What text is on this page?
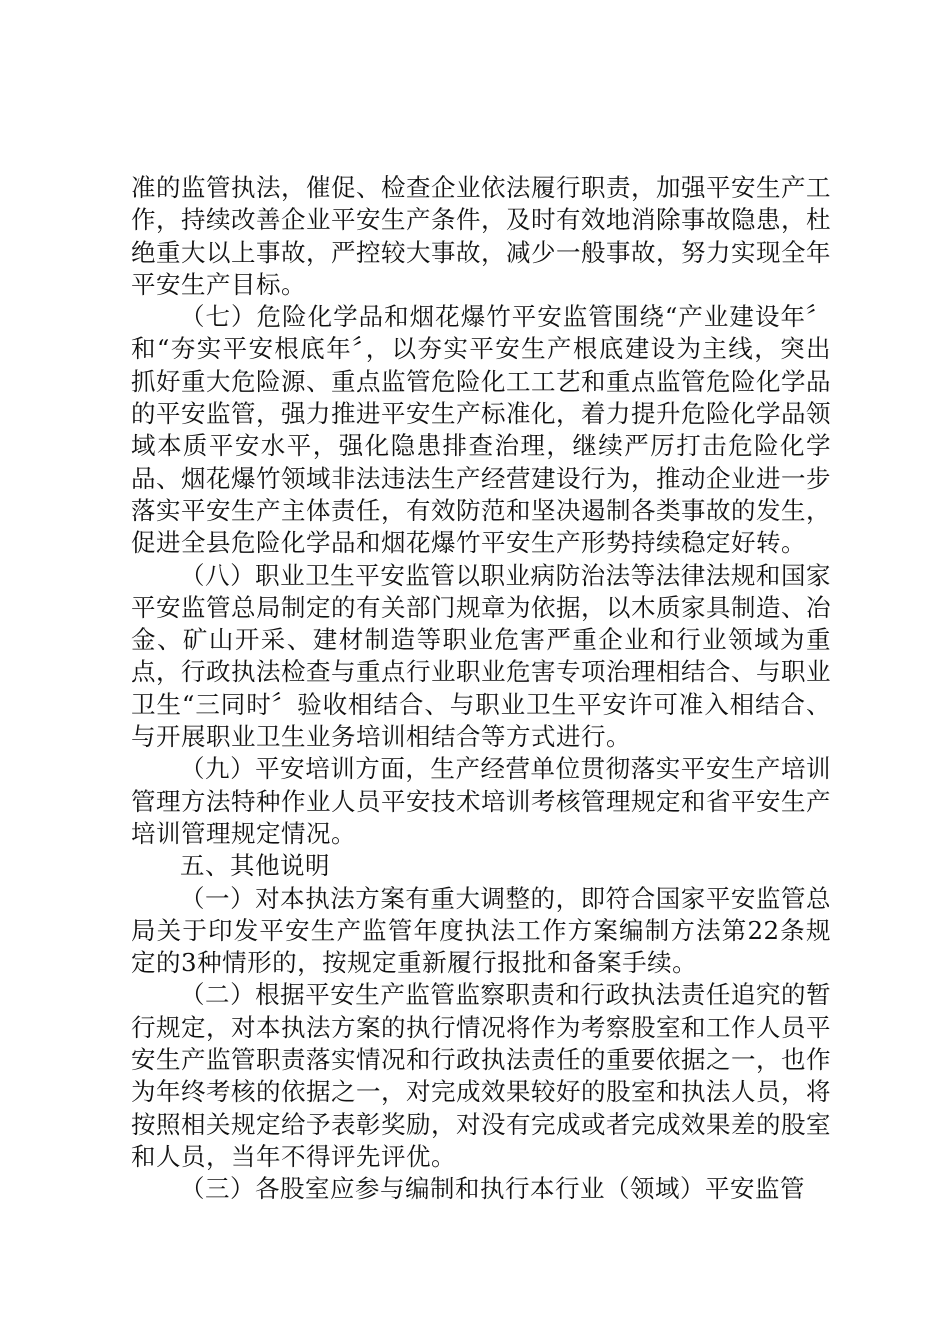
准的监管执法，催促、检查企业依法履行职责，加强平安生产工作，持续改善企业平安生产条件，及时有效地消除事故隐患，杜绝重大以上事故，严控较大事故，减少一般事故，努力实现全年平安生产目标。

（七）危险化学品和烟花爆竹平安监管围绕“产业建设年〞和“夯实平安根底年〞，以夯实平安生产根底建设为主线，突出抓好重大危险源、重点监管危险化工工艺和重点监管危险化学品的平安监管，强力推进平安生产标准化，着力提升危险化学品领域本质平安水平，强化隐患排查治理，继续严厉打击危险化学品、烟花爆竹领域非法违法生产经营建设行为，推动企业进一步落实平安生产主体责任，有效防范和坚决遏制各类事故的发生，促进全县危险化学品和烟花爆竹平安生产形势持续稳定好转。

（八）职业卫生平安监管以职业病防治法等法律法规和国家平安监管总局制定的有关部门规章为依据，以木质家具制造、冶金、矿山开采、建材制造等职业危害严重企业和行业领域为重点，行政执法检查与重点行业职业危害专项治理相结合、与职业卫生“三同时〞验收相结合、与职业卫生平安许可准入相结合、与开展职业卫生业务培训相结合等方式进行。

（九）平安培训方面，生产经营单位贯彻落实平安生产培训管理方法特种作业人员平安技术培训考核管理规定和省平安生产培训管理规定情况。

五、其他说明

（一）对本执法方案有重大调整的，即符合国家平安监管总局关于印发平安生产监管年度执法工作方案编制方法第22条规定的3种情形的，按规定重新履行报批和备案手续。

（二）根据平安生产监管监察职责和行政执法责任追究的暂行规定，对本执法方案的执行情况将作为考察股室和工作人员平安生产监管职责落实情况和行政执法责任的重要依据之一，也作为年终考核的依据之一，对完成效果较好的股室和执法人员，将按照相关规定给予表彰奖励，对没有完成或者完成效果差的股室和人员，当年不得评先评优。

（三）各股室应参与编制和执行本行业（领域）平安监管
